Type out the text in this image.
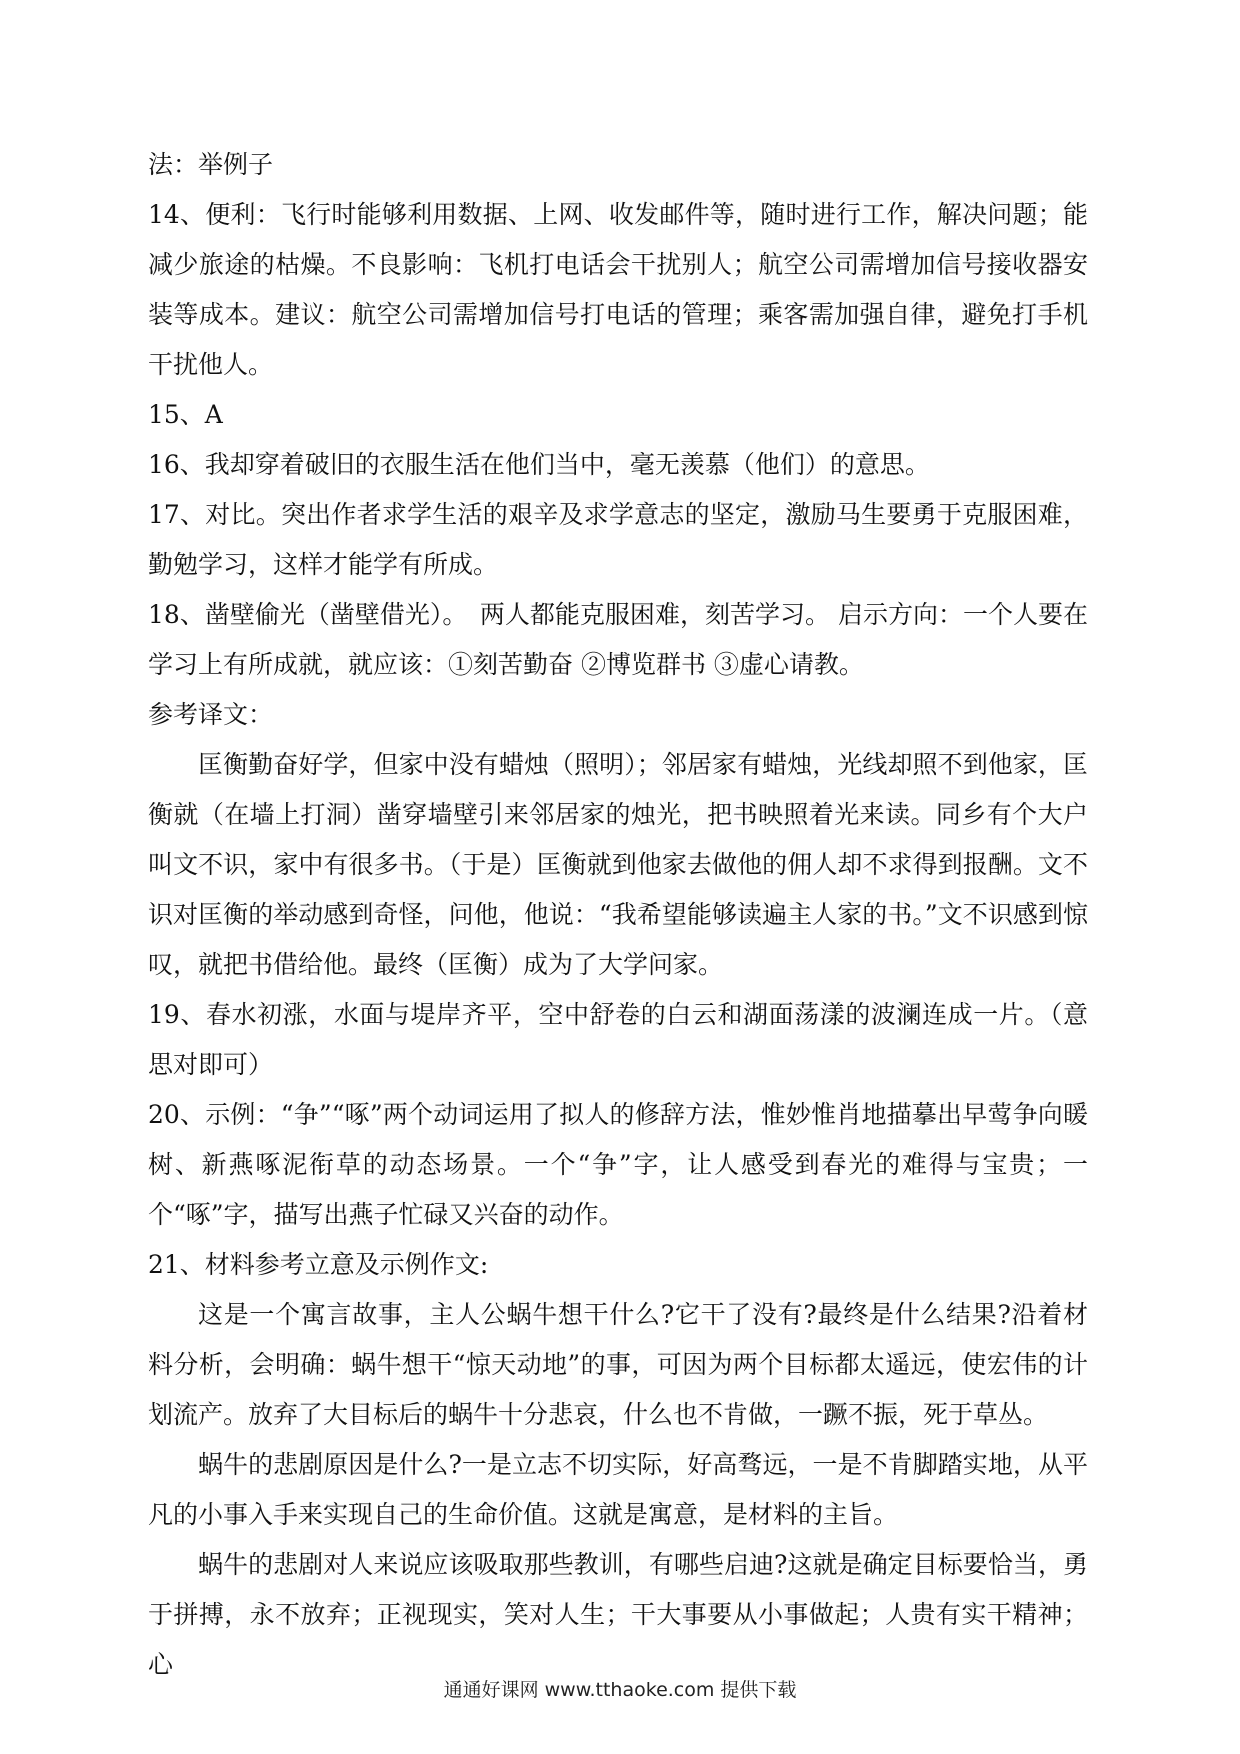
法：举例子

14、便利：飞行时能够利用数据、上网、收发邮件等，随时进行工作，解决问题；能减少旅途的枯燥。不良影响：飞机打电话会干扰别人；航空公司需增加信号接收器安装等成本。建议：航空公司需增加信号打电话的管理；乘客需加强自律，避免打手机干扰他人。

15、A

16、我却穿着破旧的衣服生活在他们当中，毫无羡慕（他们）的意思。

17、对比。突出作者求学生活的艰辛及求学意志的坚定，激励马生要勇于克服困难，勤勉学习，这样才能学有所成。

18、凿壁偷光（凿壁借光）。　两人都能克服困难，刻苦学习。 启示方向：一个人要在学习上有所成就，就应该：①刻苦勤奋 ②博览群书 ③虚心请教。

参考译文：

匡衡勤奋好学，但家中没有蜡烛（照明）；邻居家有蜡烛，光线却照不到他家，匡衡就（在墙上打洞）凿穿墙壁引来邻居家的烛光，把书映照着光来读。同乡有个大户叫文不识，家中有很多书。（于是）匡衡就到他家去做他的佣人却不求得到报酬。文不识对匡衡的举动感到奇怪，问他，他说：“我希望能够读遍主人家的书。”文不识感到惊叹，就把书借给他。最终（匡衡）成为了大学问家。

19、春水初涨，水面与堤岸齐平，空中舒卷的白云和湖面荡漾的波澜连成一片。（意思对即可）

20、示例：“争”“啄”两个动词运用了拟人的修辞方法，惟妙惟肖地描摹出早莺争向暖树、新燕啄泥衔草的动态场景。一个“争”字，让人感受到春光的难得与宝贵；一个“啄”字，描写出燕子忙碌又兴奋的动作。

21、材料参考立意及示例作文:

这是一个寓言故事，主人公蜗牛想干什么?它干了没有?最终是什么结果?沿着材料分析，会明确：蜗牛想干“惊天动地”的事，可因为两个目标都太遥远，使宏伟的计划流产。放弃了大目标后的蜗牛十分悲哀，什么也不肯做，一蹶不振，死于草丛。

蜗牛的悲剧原因是什么?一是立志不切实际，好高骛远，一是不肯脚踏实地，从平凡的小事入手来实现自己的生命价值。这就是寓意，是材料的主旨。

蜗牛的悲剧对人来说应该吸取那些教训，有哪些启迪?这就是确定目标要恰当，勇于拼搏，永不放弃；正视现实，笑对人生；干大事要从小事做起；人贵有实干精神；心

通通好课网 www.tthaoke.com 提供下载
